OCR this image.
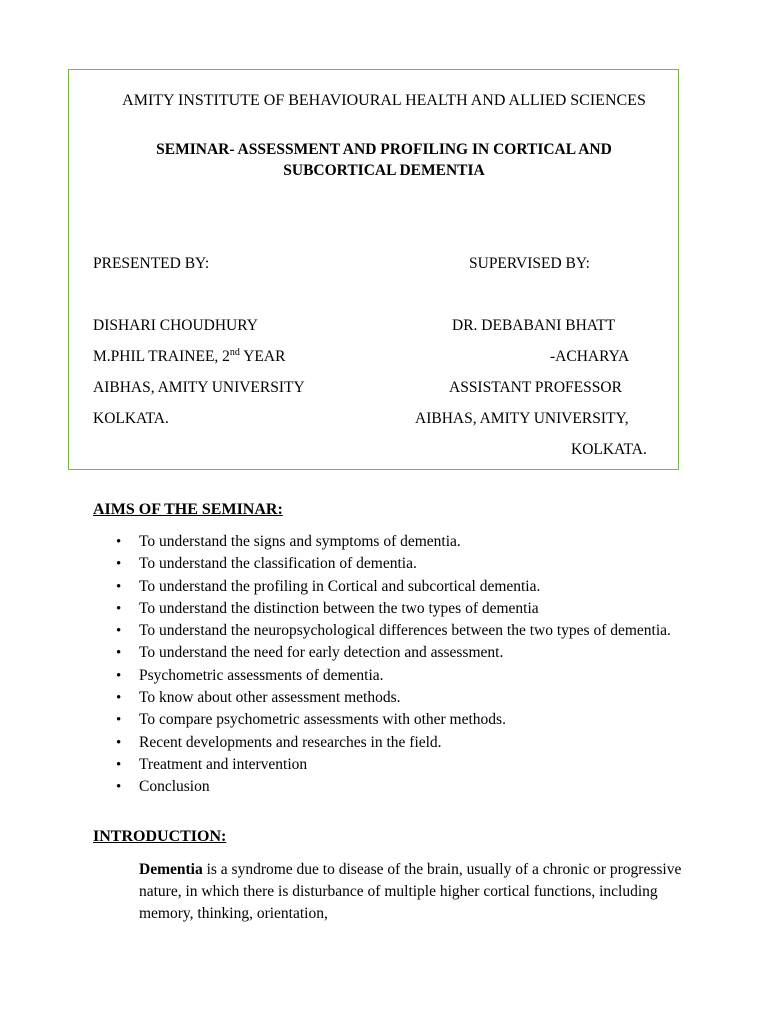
AMITY INSTITUTE OF BEHAVIOURAL HEALTH AND ALLIED SCIENCES
SEMINAR- ASSESSMENT AND PROFILING IN CORTICAL AND SUBCORTICAL DEMENTIA
PRESENTED BY:
DISHARI CHOUDHURY
M.PHIL TRAINEE, 2nd YEAR
AIBHAS, AMITY UNIVERSITY
KOLKATA.
SUPERVISED BY:
DR. DEBABANI BHATT
-ACHARYA
ASSISTANT PROFESSOR
AIBHAS, AMITY UNIVERSITY,
KOLKATA.
AIMS OF THE SEMINAR:
• To understand the signs and symptoms of dementia.
• To understand the classification of dementia.
• To understand the profiling in Cortical and subcortical dementia.
• To understand the distinction between the two types of dementia
• To understand the neuropsychological differences between the two types of dementia.
• To understand the need for early detection and assessment.
• Psychometric assessments of dementia.
• To know about other assessment methods.
• To compare psychometric assessments with other methods.
• Recent developments and researches in the field.
• Treatment and intervention
• Conclusion
INTRODUCTION:

Dementia is a syndrome due to disease of the brain, usually of a chronic or progressive nature, in which there is disturbance of multiple higher cortical functions, including memory, thinking, orientation,
